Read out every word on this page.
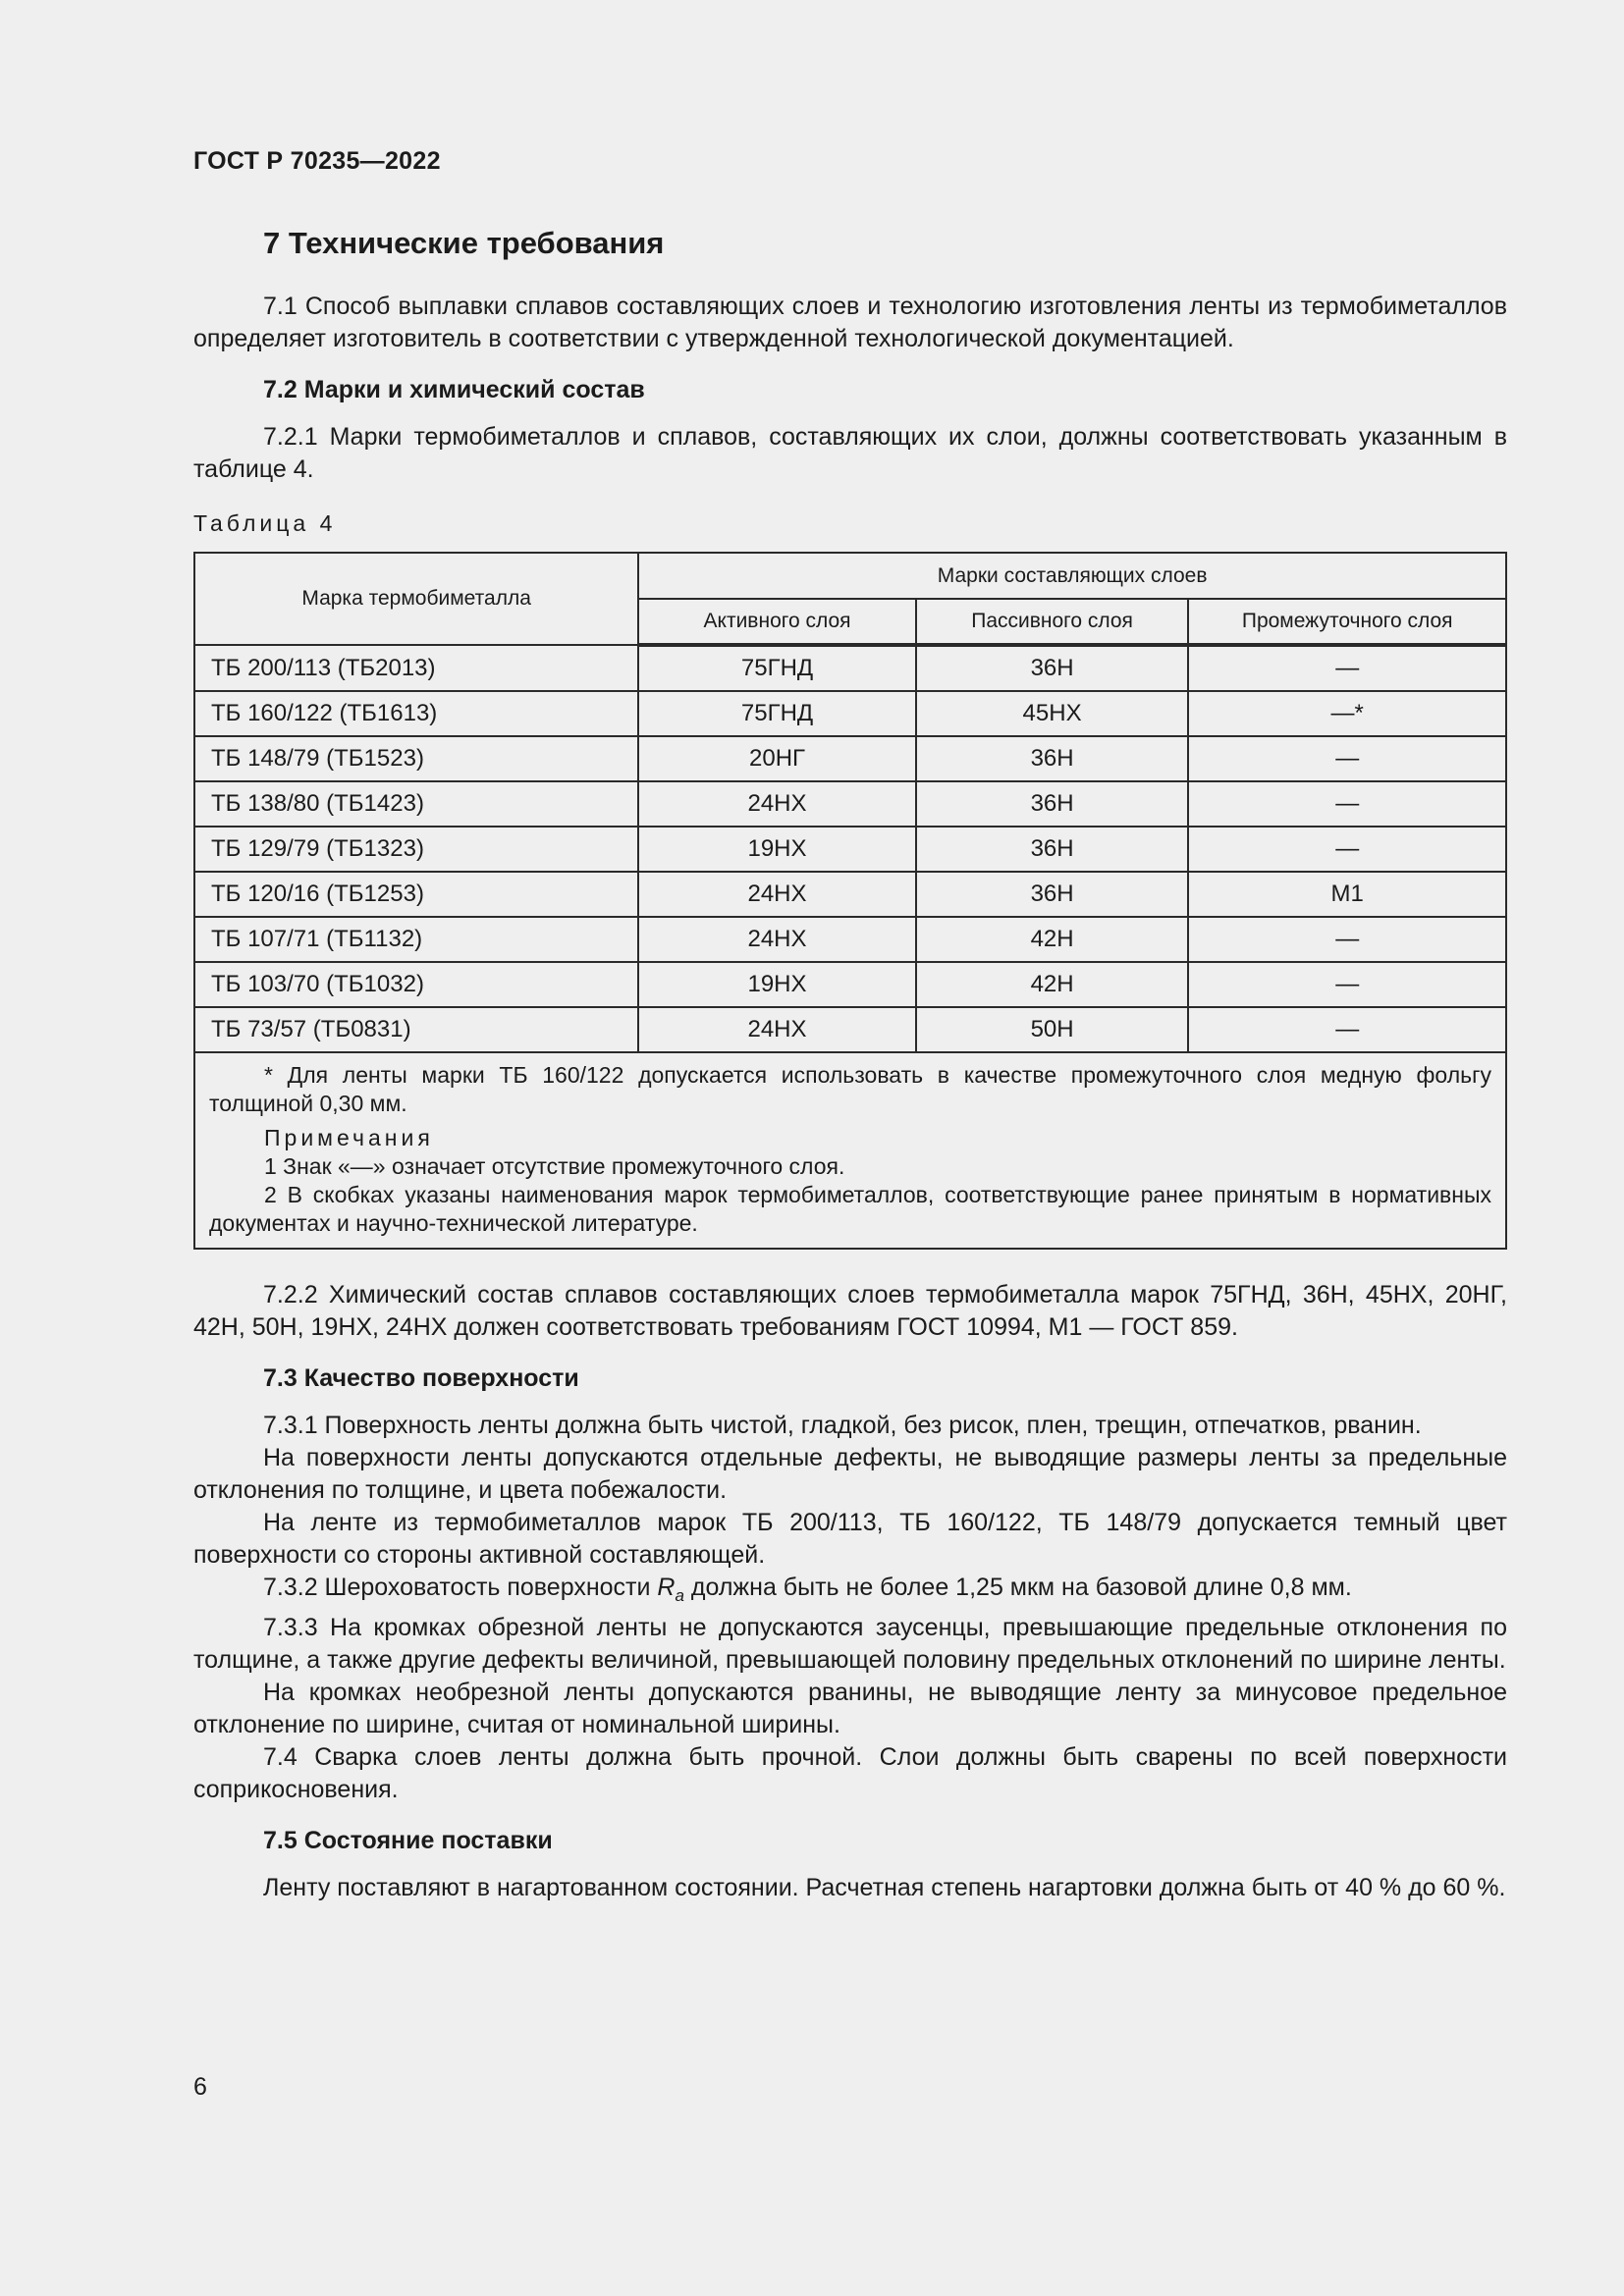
ГОСТ Р 70235—2022
7 Технические требования

7.1 Способ выплавки сплавов составляющих слоев и технологию изготовления ленты из термобиметаллов определяет изготовитель в соответствии с утвержденной технологической документацией.

7.2 Марки и химический состав

7.2.1 Марки термобиметаллов и сплавов, составляющих их слои, должны соответствовать указанным в таблице 4.

Таблица 4
Марка термобиметалла	Марки составляющих слоев		
	Активного слоя	Пассивного слоя	Промежуточного слоя
ТБ 200/113 (ТБ2013)	75ГНД	36Н	—
ТБ 160/122 (ТБ1613)	75ГНД	45НХ	—*
ТБ 148/79 (ТБ1523)	20НГ	36Н	—
ТБ 138/80 (ТБ1423)	24НХ	36Н	—
ТБ 129/79 (ТБ1323)	19НХ	36Н	—
ТБ 120/16 (ТБ1253)	24НХ	36Н	М1
ТБ 107/71 (ТБ1132)	24НХ	42Н	—
ТБ 103/70 (ТБ1032)	19НХ	42Н	—
ТБ 73/57 (ТБ0831)	24НХ	50Н	—

* Для ленты марки ТБ 160/122 допускается использовать в качестве промежуточного слоя медную фольгу толщиной 0,30 мм.

Примечания

1 Знак «—» означает отсутствие промежуточного слоя.

2 В скобках указаны наименования марок термобиметаллов, соответствующие ранее принятым в нормативных документах и научно-технической литературе.			

7.2.2 Химический состав сплавов составляющих слоев термобиметалла марок 75ГНД, 36Н, 45НХ, 20НГ, 42Н, 50Н, 19НХ, 24НХ должен соответствовать требованиям ГОСТ 10994, М1 — ГОСТ 859.

7.3 Качество поверхности

7.3.1 Поверхность ленты должна быть чистой, гладкой, без рисок, плен, трещин, отпечатков, рванин.

На поверхности ленты допускаются отдельные дефекты, не выводящие размеры ленты за предельные отклонения по толщине, и цвета побежалости.

На ленте из термобиметаллов марок ТБ 200/113, ТБ 160/122, ТБ 148/79 допускается темный цвет поверхности со стороны активной составляющей.

7.3.2 Шероховатость поверхности $R_a$ должна быть не более 1,25 мкм на базовой длине 0,8 мм.

7.3.3 На кромках обрезной ленты не допускаются заусенцы, превышающие предельные отклонения по толщине, а также другие дефекты величиной, превышающей половину предельных отклонений по ширине ленты.

На кромках необрезной ленты допускаются рванины, не выводящие ленту за минусовое предельное отклонение по ширине, считая от номинальной ширины.

7.4 Сварка слоев ленты должна быть прочной. Слои должны быть сварены по всей поверхности соприкосновения.

7.5 Состояние поставки

Ленту поставляют в нагартованном состоянии. Расчетная степень нагартовки должна быть от 40 % до 60 %.

6
